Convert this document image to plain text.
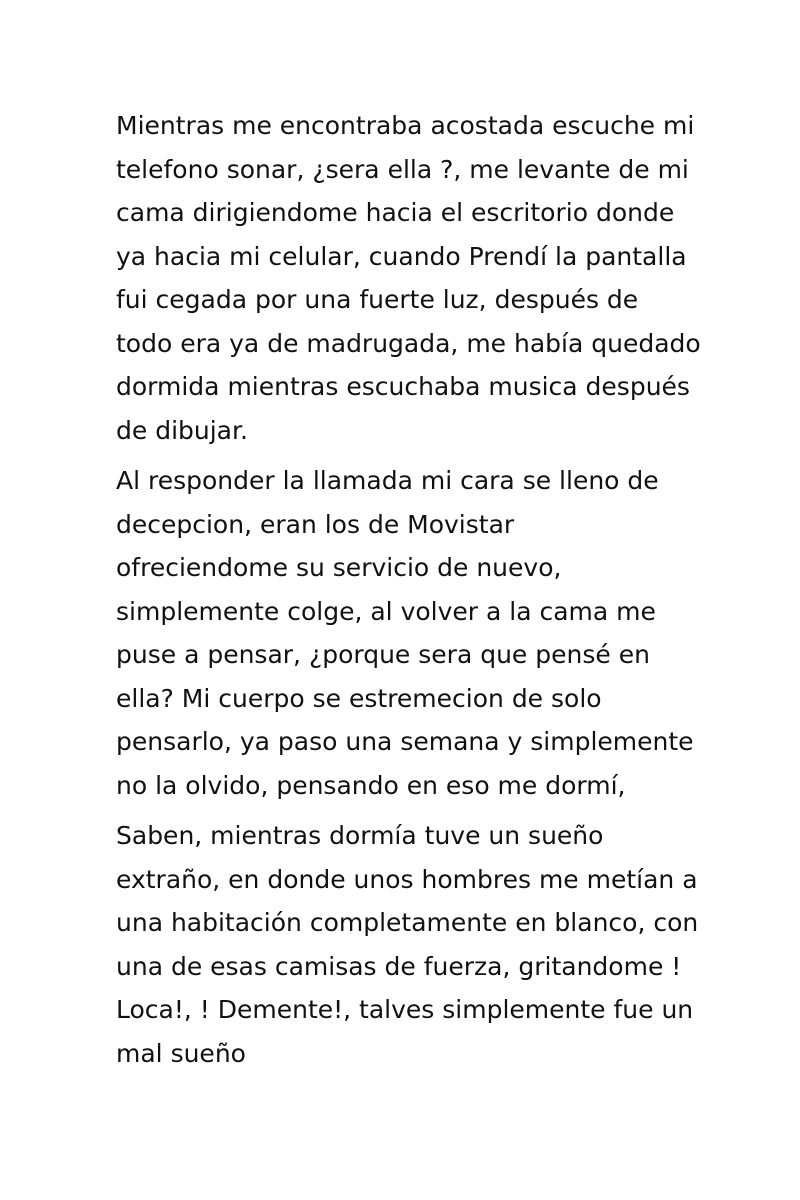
Mientras me encontraba acostada escuche mi
telefono sonar, ¿sera ella ?, me levante de mi
cama dirigiendome hacia el escritorio donde
ya hacia mi celular, cuando Prendí la pantalla
fui cegada por una fuerte luz, después de
todo era ya de madrugada, me había quedado
dormida mientras escuchaba musica después
de dibujar.

Al responder la llamada mi cara se lleno de
decepcion, eran los de Movistar
ofreciendome su servicio de nuevo,
simplemente colge, al volver a la cama me
puse a pensar, ¿porque sera que pensé en
ella? Mi cuerpo se estremecion de solo
pensarlo, ya paso una semana y simplemente
no la olvido, pensando en eso me dormí,

Saben, mientras dormía tuve un sueño
extraño, en donde unos hombres me metían a
una habitación completamente en blanco, con
una de esas camisas de fuerza, gritandome !
Loca!, ! Demente!, talves simplemente fue un
mal sueño
